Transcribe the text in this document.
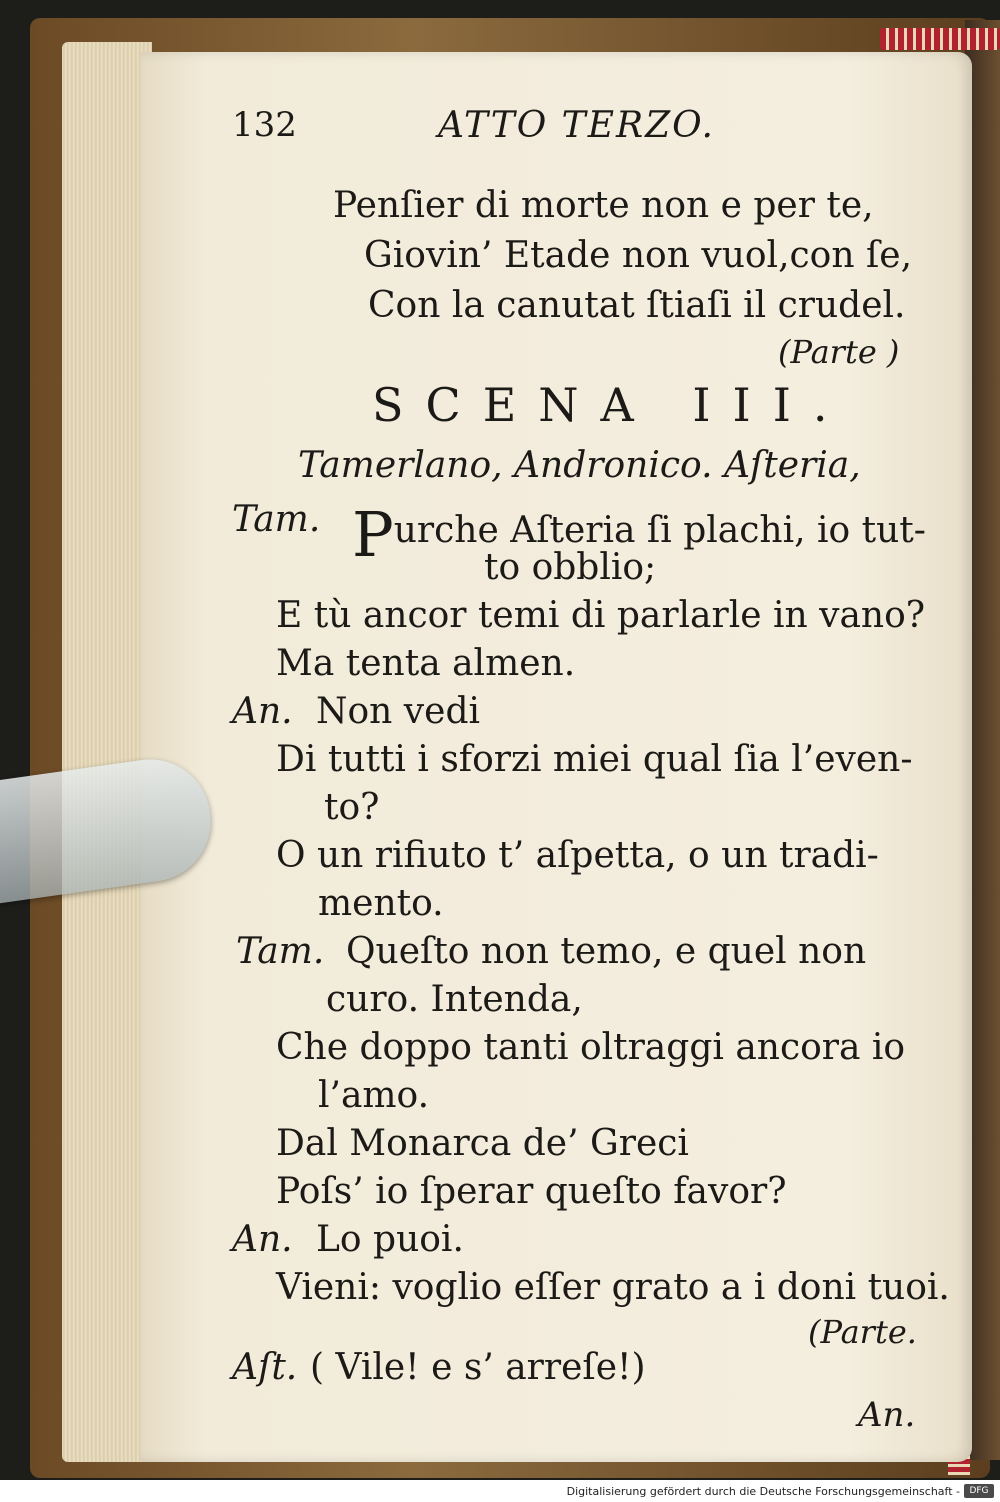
132	ATTO TERZO.
Penſier di morte non e per te,
Giovin’ Etade non vuol,con ſe,
Con la canutat ſtiaſi il crudel.
(Parte )
SCENA III.
Tamerlano, Andronico. Aſteria,
Tam. Purche Aſteria ſi plachi, io tut-
to obblio;
E tù ancor temi di parlarle in vano?
Ma tenta almen.
An. Non vedi
Di tutti i sforzi miei qual ſia l’even-
to?
O un rifiuto t’ aſpetta, o un tradi-
mento.
Tam. Queſto non temo, e quel non
curo. Intenda,
Che doppo tanti oltraggi ancora io
l’amo.
Dal Monarca de’ Greci
Poſs’ io ſperar queſto favor?
An. Lo puoi.
Vieni: voglio eſſer grato a i doni tuoi.
(Parte.
Aſt. ( Vile! e s’ arreſe!)
An.
Digitalisierung gefördert durch die Deutsche Forschungsgemeinschaft -	DFG
